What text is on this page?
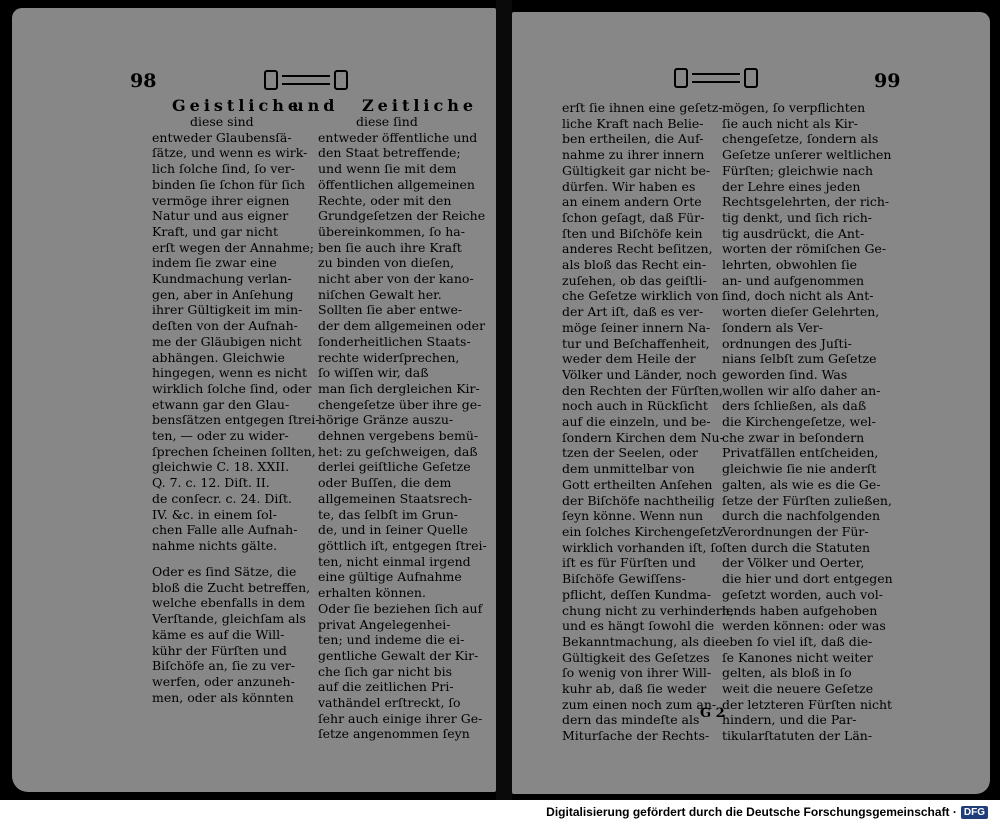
98
Geistliche
und Zeitliche
diese sind
entweder Glaubensſä-
ſätze, und wenn es wirk-
lich ſolche ſind, ſo ver-
binden ſie ſchon für ſich
vermöge ihrer eignen
Natur und aus eigner
Kraft, und gar nicht
erſt wegen der Annahme;
indem ſie zwar eine
Kundmachung verlan-
gen, aber in Anſehung
ihrer Gültigkeit im min-
deſten von der Aufnah-
me der Gläubigen nicht
abhängen. Gleichwie
hingegen, wenn es nicht
wirklich ſolche ſind, oder
etwann gar den Glau-
bensſätzen entgegen ſtrei-
ten, — oder zu wider-
ſprechen ſcheinen ſollten,
gleichwie C. 18. XXII.
Q. 7. c. 12. Diſt. II.
de conſecr. c. 24. Diſt.
IV. &c. in einem ſol-
chen Falle alle Aufnah-
nahme nichts gälte.
Oder es ſind Sätze, die
bloß die Zucht betreffen,
welche ebenfalls in dem
Verſtande, gleichſam als
käme es auf die Will-
kühr der Fürſten und
Biſchöfe an, ſie zu ver-
werfen, oder anzuneh-
men, oder als könnten
diese ſind
entweder öffentliche und
den Staat betreffende;
und wenn ſie mit dem
öffentlichen allgemeinen
Rechte, oder mit den
Grundgeſetzen der Reiche
übereinkommen, ſo ha-
ben ſie auch ihre Kraft
zu binden von dieſen,
nicht aber von der kano-
niſchen Gewalt her.
Sollten ſie aber entwe-
der dem allgemeinen oder
ſonderheitlichen Staats-
rechte widerſprechen,
ſo wiſſen wir, daß
man ſich dergleichen Kir-
chengeſetze über ihre ge-
hörige Gränze auszu-
dehnen vergebens bemü-
het: zu geſchweigen, daß
derlei geiſtliche Geſetze
oder Buſſen, die dem
allgemeinen Staatsrech-
te, das ſelbſt im Grun-
de, und in ſeiner Quelle
göttlich iſt, entgegen ſtrei-
ten, nicht einmal irgend
eine gültige Aufnahme
erhalten können.
Oder ſie beziehen ſich auf
privat Angelegenhei-
ten; und indeme die ei-
gentliche Gewalt der Kir-
che ſich gar nicht bis
auf die zeitlichen Pri-
vathändel erſtreckt, ſo
ſehr auch einige ihrer Ge-
ſetze angenommen ſeyn
99
erſt ſie ihnen eine geſetz-
liche Kraft nach Belie-
ben ertheilen, die Auf-
nahme zu ihrer innern
Gültigkeit gar nicht be-
dürfen. Wir haben es
an einem andern Orte
ſchon geſagt, daß Für-
ſten und Biſchöfe kein
anderes Recht beſitzen,
als bloß das Recht ein-
zuſehen, ob das geiſtli-
che Geſetze wirklich von
der Art iſt, daß es ver-
möge ſeiner innern Na-
tur und Beſchaffenheit,
weder dem Heile der
Völker und Länder, noch
den Rechten der Fürſten,
noch auch in Rückſicht
auf die einzeln, und be-
ſondern Kirchen dem Nu-
tzen der Seelen, oder
dem unmittelbar von
Gott ertheilten Anſehen
der Biſchöfe nachtheilig
ſeyn könne. Wenn nun
ein ſolches Kirchengeſetz
wirklich vorhanden iſt, ſo
iſt es für Fürſten und
Biſchöfe Gewiſſens-
pflicht, deſſen Kundma-
chung nicht zu verhindern,
und es hängt ſowohl die
Bekanntmachung, als die
Gültigkeit des Geſetzes
ſo wenig von ihrer Will-
kuhr ab, daß ſie weder
zum einen noch zum an-
dern das mindeſte als
Miturſache der Rechts-
mögen, ſo verpflichten
ſie auch nicht als Kir-
chengeſetze, ſondern als
Geſetze unſerer weltlichen
Fürſten; gleichwie nach
der Lehre eines jeden
Rechtsgelehrten, der rich-
tig denkt, und ſich rich-
tig ausdrückt, die Ant-
worten der römiſchen Ge-
lehrten, obwohlen ſie
an- und aufgenommen
ſind, doch nicht als Ant-
worten dieſer Gelehrten,
ſondern als Ver-
ordnungen des Juſti-
nians ſelbſt zum Geſetze
geworden ſind. Was
wollen wir alſo daher an-
ders ſchließen, als daß
die Kirchengeſetze, wel-
che zwar in beſondern
Privatfällen entſcheiden,
gleichwie ſie nie anderſt
galten, als wie es die Ge-
ſetze der Fürſten zuließen,
durch die nachfolgenden
Verordnungen der Für-
ſten durch die Statuten
der Völker und Oerter,
die hier und dort entgegen
geſetzt worden, auch vol-
lends haben aufgehoben
werden können: oder was
eben ſo viel iſt, daß die-
ſe Kanones nicht weiter
gelten, als bloß in ſo
weit die neuere Geſetze
der letzteren Fürſten nicht
hindern, und die Par-
tikularſtatuten der Län-
G 2
Digitalisierung gefördert durch die Deutsche Forschungsgemeinschaft · DFG
